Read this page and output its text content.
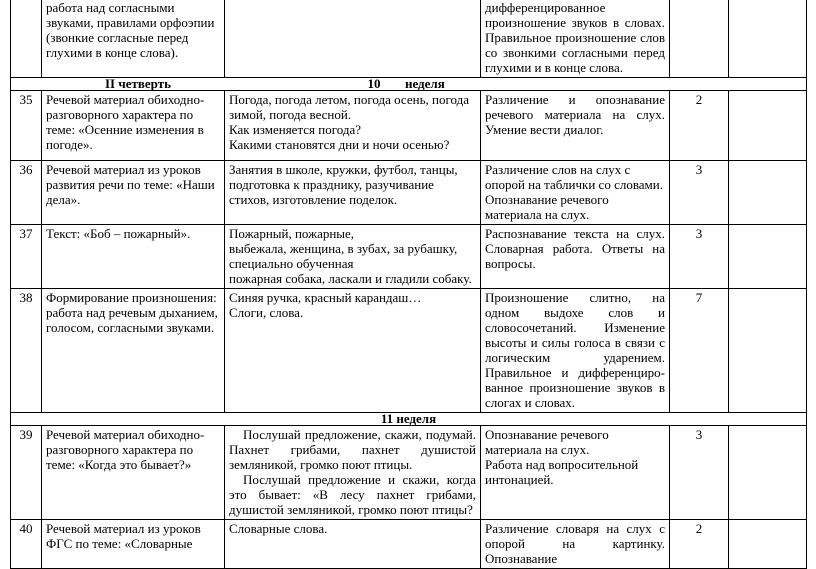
	работа над согласными звуками, правилами орфоэпии (звонкие согласные перед глухими в конце слова).		дифференцированное произношение звуков в словах. Правильное произношение слов со звонкими согласными перед глухими и в конце слова.		
II четверть 10 неделя					
35	Речевой материал обиходно-разговорного характера по теме: «Осенние изменения в погоде».	Погода, погода летом, погода осень, погода зимой, погода весной.
Как изменяется погода?
Какими становятся дни и ночи осенью?	Различение и опознавание речевого материала на слух. Умение вести диалог.	2	
36	Речевой материал из уроков развития речи по теме: «Наши дела».	Занятия в школе, кружки, футбол, танцы, подготовка к празднику, разучивание стихов, изготовление поделок.	Различение слов на слух с опорой на таблички со словами. Опознавание речевого материала на слух.	3	
37	Текст: «Боб – пожарный».	Пожарный, пожарные,
выбежала, женщина, в зубах, за рубашку, специально обученная
пожарная собака, ласкали и гладили собаку.	Распознавание текста на слух. Словарная работа. Ответы на вопросы.	3	
38	Формирование произношения: работа над речевым дыханием, голосом, согласными звуками.	Синяя ручка, красный карандаш…
Слоги, слова.	Произношение слитно, на одном выдохе слов и словосочетаний. Изменение высоты и силы голоса в связи с логическим ударением. Правильное и дифференциро-ванное произношение звуков в слогах и словах.	7	
11 неделя					
39	Речевой материал обиходно-разговорного характера по теме: «Когда это бывает?»	Послушай предложение, скажи, подумай. Пахнет грибами, пахнет душистой земляникой, громко поют птицы.
Послушай предложение и скажи, когда это бывает: «В лесу пахнет грибами, душистой земляникой, громко поют птицы?	Опознавание речевого материала на слух.
Работа над вопросительной интонацией.	3	
40	Речевой материал из уроков ФГС по теме: «Словарные	Словарные слова.	Различение словаря на слух с опорой на картинку. Опознавание	2	
